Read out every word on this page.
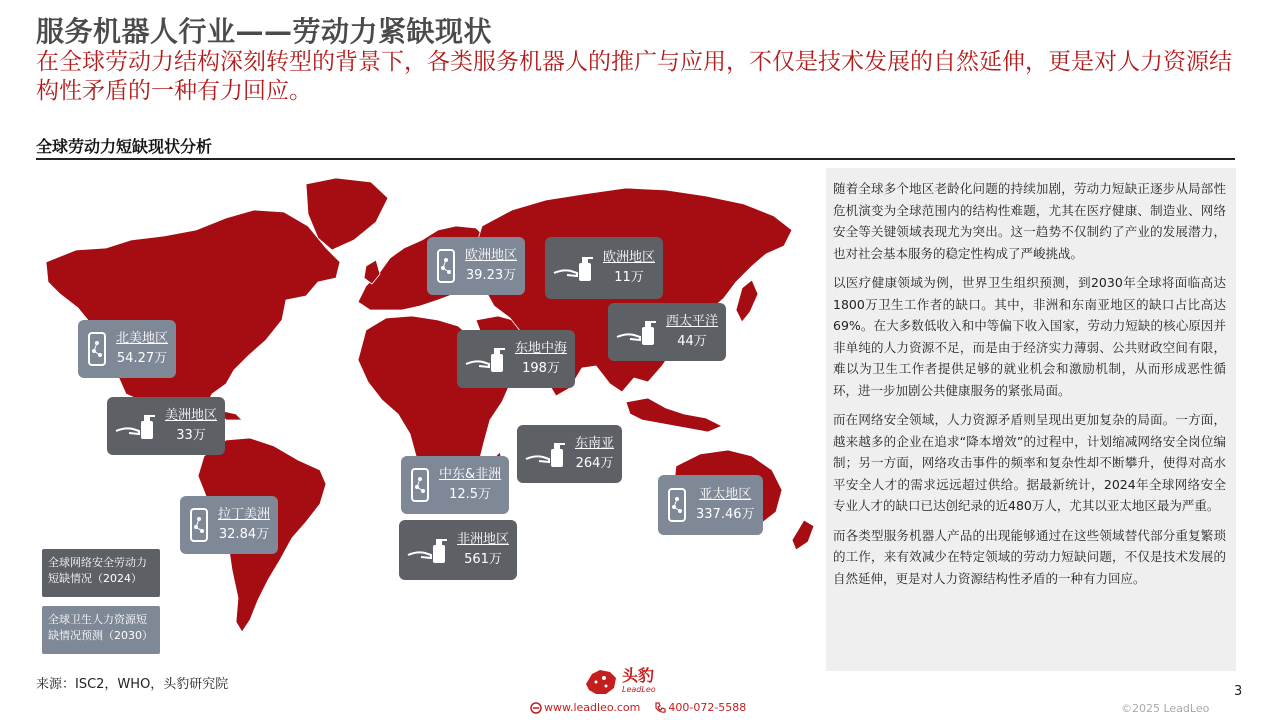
服务机器人行业——劳动力紧缺现状
在全球劳动力结构深刻转型的背景下，各类服务机器人的推广与应用，不仅是技术发展的自然延伸，更是对人力资源结构性矛盾的一种有力回应。
全球劳动力短缺现状分析
北美地区
54.27万
美洲地区
33万
拉丁美洲
32.84万
欧洲地区
39.23万
欧洲地区
11万
西太平洋
44万
东地中海
198万
东南亚
264万
中东&非洲
12.5万
非洲地区
561万
亚太地区
337.46万
全球网络安全劳动力短缺情况（2024）
全球卫生人力资源短缺情况预测（2030）
来源：ISC2，WHO，头豹研究院

随着全球多个地区老龄化问题的持续加剧，劳动力短缺正逐步从局部性危机演变为全球范围内的结构性难题，尤其在医疗健康、制造业、网络安全等关键领域表现尤为突出。这一趋势不仅制约了产业的发展潜力，也对社会基本服务的稳定性构成了严峻挑战。

以医疗健康领域为例，世界卫生组织预测，到2030年全球将面临高达1800万卫生工作者的缺口。其中，非洲和东南亚地区的缺口占比高达69%。在大多数低收入和中等偏下收入国家，劳动力短缺的核心原因并非单纯的人力资源不足，而是由于经济实力薄弱、公共财政空间有限，难以为卫生工作者提供足够的就业机会和激励机制，从而形成恶性循环，进一步加剧公共健康服务的紧张局面。

而在网络安全领域，人力资源矛盾则呈现出更加复杂的局面。一方面，越来越多的企业在追求“降本增效”的过程中，计划缩减网络安全岗位编制；另一方面，网络攻击事件的频率和复杂性却不断攀升，使得对高水平安全人才的需求远远超过供给。据最新统计，2024年全球网络安全专业人才的缺口已达创纪录的近480万人，尤其以亚太地区最为严重。

而各类型服务机器人产品的出现能够通过在这些领域替代部分重复繁琐的工作，来有效减少在特定领域的劳动力短缺问题，不仅是技术发展的自然延伸，更是对人力资源结构性矛盾的一种有力回应。

头豹
LeadLeo
www.leadleo.com	400-072-5588	©2025 LeadLeo
3
